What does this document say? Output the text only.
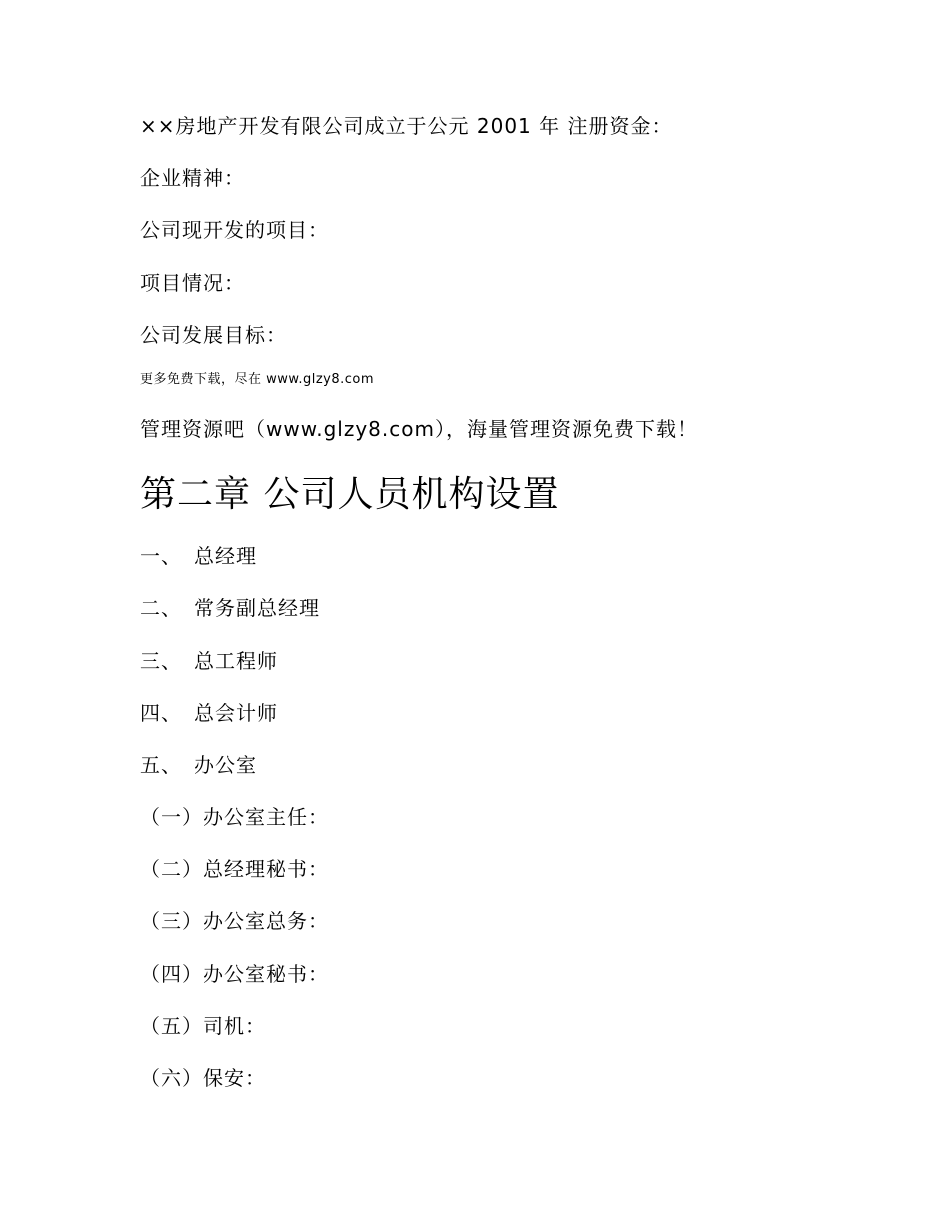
××房地产开发有限公司成立于公元 2001 年 注册资金：
企业精神：
公司现开发的项目：
项目情况：
公司发展目标：
更多免费下载，尽在 www.glzy8.com
管理资源吧（www.glzy8.com），海量管理资源免费下载！
第二章 公司人员机构设置
一、 总经理
二、 常务副总经理
三、 总工程师
四、 总会计师
五、 办公室
（一）办公室主任：
（二）总经理秘书：
（三）办公室总务：
（四）办公室秘书：
（五）司机：
（六）保安：
